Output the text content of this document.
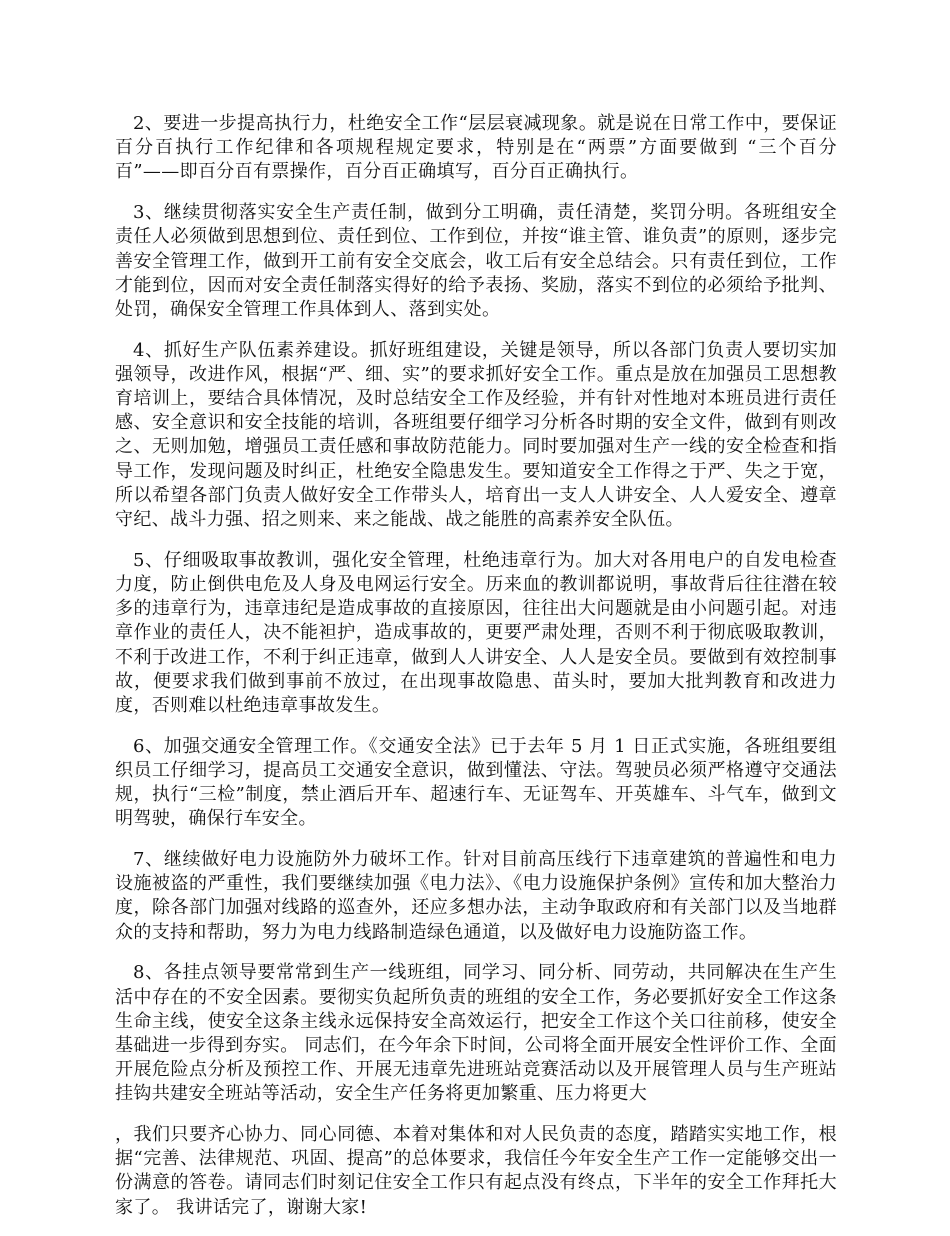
2、要进一步提高执行力，杜绝安全工作“层层衰减现象。就是说在日常工作中，要保证百分百执行工作纪律和各项规程规定要求，特别是在“两票”方面要做到 “三个百分百”——即百分百有票操作，百分百正确填写，百分百正确执行。

3、继续贯彻落实安全生产责任制，做到分工明确，责任清楚，奖罚分明。各班组安全责任人必须做到思想到位、责任到位、工作到位，并按“谁主管、谁负责”的原则，逐步完善安全管理工作，做到开工前有安全交底会，收工后有安全总结会。只有责任到位，工作才能到位，因而对安全责任制落实得好的给予表扬、奖励，落实不到位的必须给予批判、处罚，确保安全管理工作具体到人、落到实处。

4、抓好生产队伍素养建设。抓好班组建设，关键是领导，所以各部门负责人要切实加强领导，改进作风，根据“严、细、实”的要求抓好安全工作。重点是放在加强员工思想教育培训上，要结合具体情况，及时总结安全工作及经验，并有针对性地对本班员进行责任感、安全意识和安全技能的培训，各班组要仔细学习分析各时期的安全文件，做到有则改之、无则加勉，增强员工责任感和事故防范能力。同时要加强对生产一线的安全检查和指导工作，发现问题及时纠正，杜绝安全隐患发生。要知道安全工作得之于严、失之于宽，所以希望各部门负责人做好安全工作带头人，培育出一支人人讲安全、人人爱安全、遵章守纪、战斗力强、招之则来、来之能战、战之能胜的高素养安全队伍。

5、仔细吸取事故教训，强化安全管理，杜绝违章行为。加大对各用电户的自发电检查力度，防止倒供电危及人身及电网运行安全。历来血的教训都说明，事故背后往往潜在较多的违章行为，违章违纪是造成事故的直接原因，往往出大问题就是由小问题引起。对违章作业的责任人，决不能袒护，造成事故的，更要严肃处理，否则不利于彻底吸取教训，不利于改进工作，不利于纠正违章，做到人人讲安全、人人是安全员。要做到有效控制事故，便要求我们做到事前不放过，在出现事故隐患、苗头时，要加大批判教育和改进力度，否则难以杜绝违章事故发生。

6、加强交通安全管理工作。《交通安全法》已于去年 5 月 1 日正式实施，各班组要组织员工仔细学习，提高员工交通安全意识，做到懂法、守法。驾驶员必须严格遵守交通法规，执行“三检”制度，禁止酒后开车、超速行车、无证驾车、开英雄车、斗气车，做到文明驾驶，确保行车安全。

7、继续做好电力设施防外力破坏工作。针对目前高压线行下违章建筑的普遍性和电力设施被盗的严重性，我们要继续加强《电力法》、《电力设施保护条例》宣传和加大整治力度，除各部门加强对线路的巡查外，还应多想办法，主动争取政府和有关部门以及当地群众的支持和帮助，努力为电力线路制造绿色通道，以及做好电力设施防盗工作。

8、各挂点领导要常常到生产一线班组，同学习、同分析、同劳动，共同解决在生产生活中存在的不安全因素。要彻实负起所负责的班组的安全工作，务必要抓好安全工作这条生命主线，使安全这条主线永远保持安全高效运行，把安全工作这个关口往前移，使安全基础进一步得到夯实。 同志们，在今年余下时间，公司将全面开展安全性评价工作、全面开展危险点分析及预控工作、开展无违章先进班站竞赛活动以及开展管理人员与生产班站挂钩共建安全班站等活动，安全生产任务将更加繁重、压力将更大

，我们只要齐心协力、同心同德、本着对集体和对人民负责的态度，踏踏实实地工作，根据“完善、法律规范、巩固、提高”的总体要求，我信任今年安全生产工作一定能够交出一份满意的答卷。请同志们时刻记住安全工作只有起点没有终点，下半年的安全工作拜托大家了。 我讲话完了，谢谢大家!
